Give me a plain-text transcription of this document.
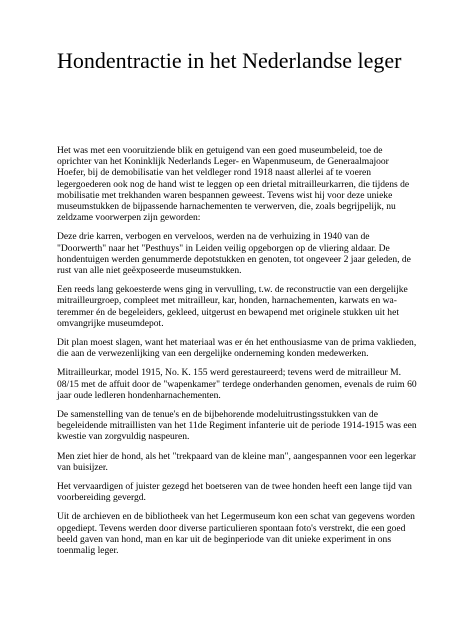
Hondentractie in het Nederlandse leger

Het was met een vooruitziende blik en getuigend van een goed museumbeleid, toe de
oprichter van het Koninklijk Nederlands Leger- en Wapenmuseum, de Generaalmajoor
Hoefer, bij de demobilisatie van het veldleger rond 1918 naast allerlei af te voeren
legergoederen ook nog de hand wist te leggen op een drietal mitrailleurkarren, die tijdens de
mobilisatie met trekhanden waren bespannen geweest. Tevens wist hij voor deze unieke
museumstukken de bijpassende harnachementen te verwerven, die, zoals begrijpelijk, nu
zeldzame voorwerpen zijn geworden:

Deze drie karren, verbogen en verveloos, werden na de verhuizing in 1940 van de
"Doorwerth" naar het "Pesthuys" in Leiden veilig opgeborgen op de vliering aldaar. De
hondentuigen werden genummerde depotstukken en genoten, tot ongeveer 2 jaar geleden, de
rust van alle niet geëxposeerde museumstukken.

Een reeds lang gekoesterde wens ging in vervulling, t.w. de reconstructie van een dergelijke
mitrailleurgroep, compleet met mitrailleur, kar, honden, harnachementen, karwats en wa-
teremmer én de begeleiders, gekleed, uitgerust en bewapend met originele stukken uit het
omvangrijke museumdepot.

Dit plan moest slagen, want het materiaal was er én het enthousiasme van de prima vaklieden,
die aan de verwezenlijking van een dergelijke onderneming konden medewerken.

Mitrailleurkar, model 1915, No. K. 155 werd gerestaureerd; tevens werd de mitrailleur M.
08/15 met de affuit door de "wapenkamer" terdege onderhanden genomen, evenals de ruim 60
jaar oude ledleren hondenharnachementen.

De samenstelling van de tenue's en de bijbehorende modeluitrustingsstukken van de
begeleidende mitraillisten van het 11de Regiment infanterie uit de periode 1914-1915 was een
kwestie van zorgvuldig naspeuren.

Men ziet hier de hond, als het "trekpaard van de kleine man", aangespannen voor een legerkar
van buisijzer.

Het vervaardigen of juister gezegd het boetseren van de twee honden heeft een lange tijd van
voorbereiding gevergd.

Uit de archieven en de bibliotheek van het Legermuseum kon een schat van gegevens worden
opgediept. Tevens werden door diverse particulieren spontaan foto's verstrekt, die een goed
beeld gaven van hond, man en kar uit de beginperiode van dit unieke experiment in ons
toenmalig leger.
